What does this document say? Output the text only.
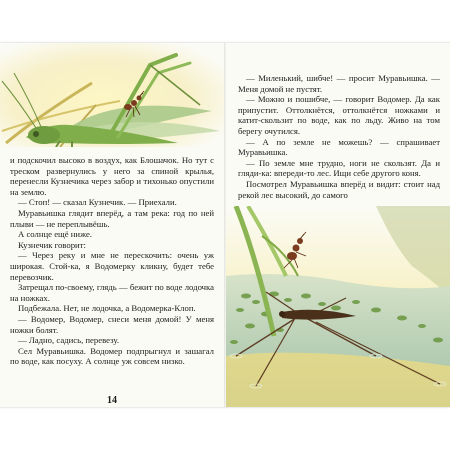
и подскочил высоко в воздух, как Блошачок. Но тут с треском развернулись у него за спиной крылья, перенесли Кузнечика через забор и тихонько опустили на землю.

— Стоп! — сказал Кузнечик. — Приехали.

Муравьишка глядит вперёд, а там река: год по ней плыви — не переплывёшь.

А солнце ещё ниже.

Кузнечик говорит:

— Через реку и мне не перескочить: очень уж широкая. Стой-ка, я Водомерку кликну, будет тебе перевозчик.

Затрещал по-своему, глядь — бежит по воде лодочка на ножках.

Подбежала. Нет, не лодочка, а Водомерка-Клоп.

— Водомер, Водомер, снеси меня домой! У меня ножки болят.

— Ладно, садись, перевезу.

Сел Муравьишка. Водомер подпрыгнул и зашагал по воде, как посуху. А солнце уж совсем низко.

14

— Миленький, шибче! — просит Муравьишка. — Меня домой не пустят.

— Можно и пошибче, — говорит Водомер. Да как припустит. Оттолкнётся, оттолкнётся ножками и катит-скользит по воде, как по льду. Живо на том берегу очутился.

— А по земле не можешь? — спрашивает Муравьишка.

— По земле мне трудно, ноги не скользят. Да и гляди-ка: впереди-то лес. Ищи себе другого коня.

Посмотрел Муравьишка вперёд и видит: стоит над рекой лес высокий, до самого
